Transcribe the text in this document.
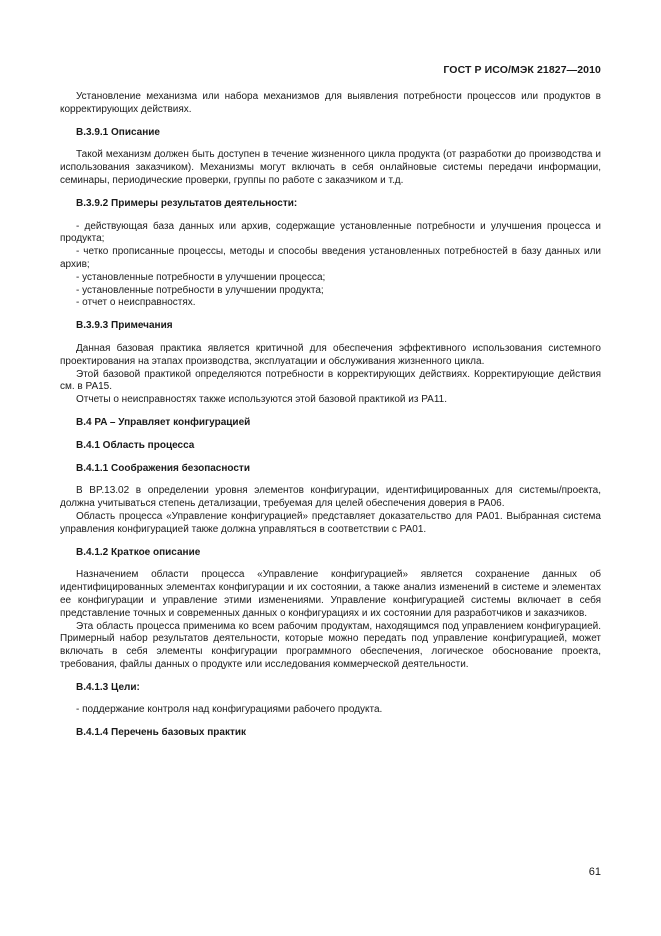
ГОСТ Р ИСО/МЭК 21827—2010

Установление механизма или набора механизмов для выявления потребности процессов или продуктов в корректирующих действиях.

B.3.9.1 Описание

Такой механизм должен быть доступен в течение жизненного цикла продукта (от разработки до производства и использования заказчиком). Механизмы могут включать в себя онлайновые системы передачи информации, семинары, периодические проверки, группы по работе с заказчиком и т.д.

B.3.9.2 Примеры результатов деятельности:

- действующая база данных или архив, содержащие установленные потребности и улучшения процесса и продукта;

- четко прописанные процессы, методы и способы введения установленных потребностей в базу данных или архив;

- установленные потребности в улучшении процесса;

- установленные потребности в улучшении продукта;

- отчет о неисправностях.

B.3.9.3 Примечания

Данная базовая практика является критичной для обеспечения эффективного использования системного проектирования на этапах производства, эксплуатации и обслуживания жизненного цикла.

Этой базовой практикой определяются потребности в корректирующих действиях. Корректирующие действия см. в PA15.

Отчеты о неисправностях также используются этой базовой практикой из PA11.

B.4 PA – Управляет конфигурацией

B.4.1 Область процесса

B.4.1.1 Соображения безопасности

В BP.13.02 в определении уровня элементов конфигурации, идентифицированных для системы/проекта, должна учитываться степень детализации, требуемая для целей обеспечения доверия в PA06.

Область процесса «Управление конфигурацией» представляет доказательство для PA01. Выбранная система управления конфигурацией также должна управляться в соответствии с PA01.

B.4.1.2 Краткое описание

Назначением области процесса «Управление конфигурацией» является сохранение данных об идентифицированных элементах конфигурации и их состоянии, а также анализ изменений в системе и элементах ее конфигурации и управление этими изменениями. Управление конфигурацией системы включает в себя представление точных и современных данных о конфигурациях и их состоянии для разработчиков и заказчиков.

Эта область процесса применима ко всем рабочим продуктам, находящимся под управлением конфигурацией. Примерный набор результатов деятельности, которые можно передать под управление конфигурацией, может включать в себя элементы конфигурации программного обеспечения, логическое обоснование проекта, требования, файлы данных о продукте или исследования коммерческой деятельности.

B.4.1.3 Цели:

- поддержание контроля над конфигурациями рабочего продукта.

B.4.1.4 Перечень базовых практик

61
